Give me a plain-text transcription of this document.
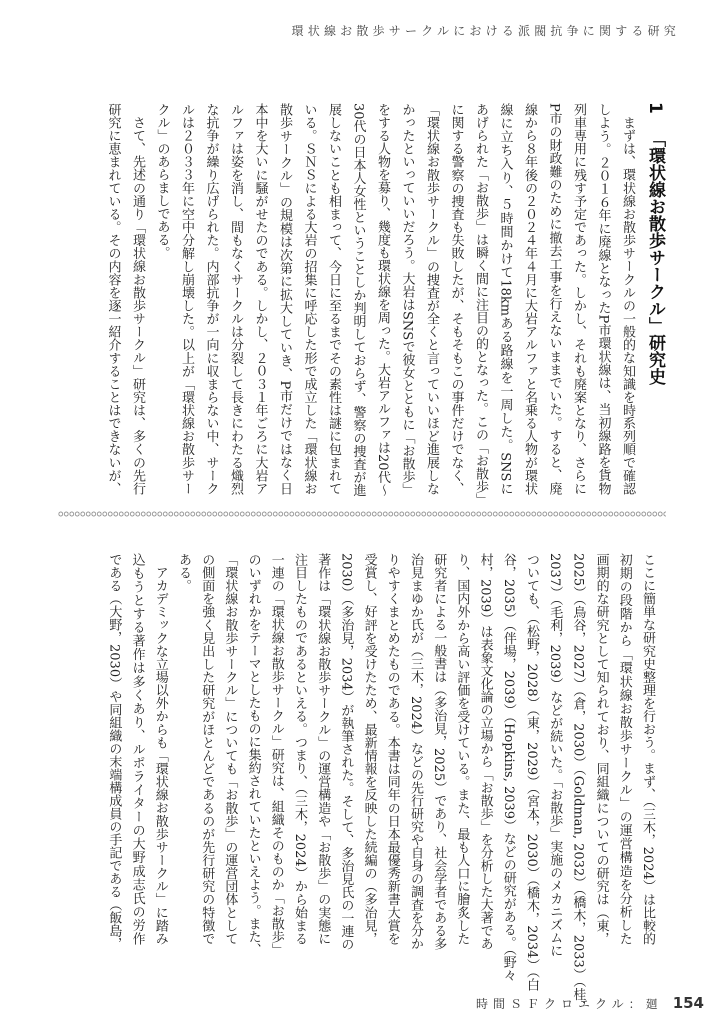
環状線お散歩サークルにおける派閥抗争に関する研究
1「環状線お散歩サークル」研究史
まずは、環状線お散歩サークルの一般的な知識を時系列順で確認
しよう。２０１６年に廃線となったP市環状線は、当初線路を貨物
列車専用に残す予定であった。しかし、それも廃案となり、さらに
P市の財政難のために撤去工事を行えないままでいた。すると、廃
線から８年後の２０２４年４月に大岩アルファと名乗る人物が環状
線に立ち入り、５時間かけて18kmある路線を一周した。SNSに
あげられた「お散歩」は瞬く間に注目の的となった。この「お散歩」
に関する警察の捜査も失敗したが、そもそもこの事件だけでなく、
「環状線お散歩サークル」の捜査が全くと言っていいほど進展しな
かったといっていいだろう。大岩はSNSで彼女とともに「お散歩」
をする人物を募り、幾度も環状線を周った。大岩アルファは20代～
30代の日本人女性ということしか判明しておらず、警察の捜査が進
展しないことも相まって、今日に至るまでその素性は謎に包まれて
いる。ＳＮＳによる大岩の招集に呼応した形で成立した「環状線お
散歩サークル」の規模は次第に拡大していき、P市だけではなく日
本中を大いに騒がせたのである。しかし、２０３１年ごろに大岩ア
ルファは姿を消し、間もなくサークルは分裂して長きにわたる熾烈
な抗争が繰り広げられた。内部抗争が一向に収まらない中、サーク
ルは２０３３年に空中分解し崩壊した。以上が「環状線お散歩サー
クル」のあらましである。
さて、先述の通り「環状線お散歩サークル」研究は、多くの先行
研究に恵まれている。その内容を逐一紹介することはできないが、
ここに簡単な研究史整理を行おう。まず、（三木，2024）は比較的
初期の段階から「環状線お散歩サークル」の運営構造を分析した
画期的な研究として知られており、同組織についての研究は（東，
2025）（鳥谷，2027）（倉，2030）（Goldman, 2032）（橋木，2033）（桂，
2037）（毛利，2039）などが続いた。「お散歩」実施のメカニズムに
ついても、（松野，2028）（東，2029）（宮本，2030）（橋木，2034）（白
谷，2035）（伴場，2039）（Hopkins, 2039）などの研究がある。（野々
村，2039）は表象文化論の立場から「お散歩」を分析した大著であ
り、国内外から高い評価を受けている。また、最も人口に膾炙した
研究者による一般書は（多治見，2025）であり、社会学者である多
治見まゆか氏が（三木，2024）などの先行研究や自身の調査を分か
りやすくまとめたものである。本書は同年の日本最優秀新書大賞を
受賞し、好評を受けたため、最新情報を反映した続編の（多治見，
2030）（多治見，2034）が執筆された。そして、多治見氏の一連の
著作は「環状線お散歩サークル」の運営構造や「お散歩」の実態に
注目したものであるといえる。つまり、（三木，2024）から始まる
一連の「環状線お散歩サークル」研究は、組織そのものか「お散歩」
のいずれかをテーマとしたものに集約されていたといえよう。また、
「環状線お散歩サークル」についても「お散歩」の運営団体として
の側面を強く見出した研究がほとんどであるのが先行研究の特徴で
ある。
アカデミックな立場以外からも「環状線お散歩サークル」に踏み
込もうとする著作は多くあり、ルポライターの大野成志氏の労作
である（大野，2030）や同組織の末端構成員の手記である（飯島，
時間ＳＦクロニクル：廻 154
